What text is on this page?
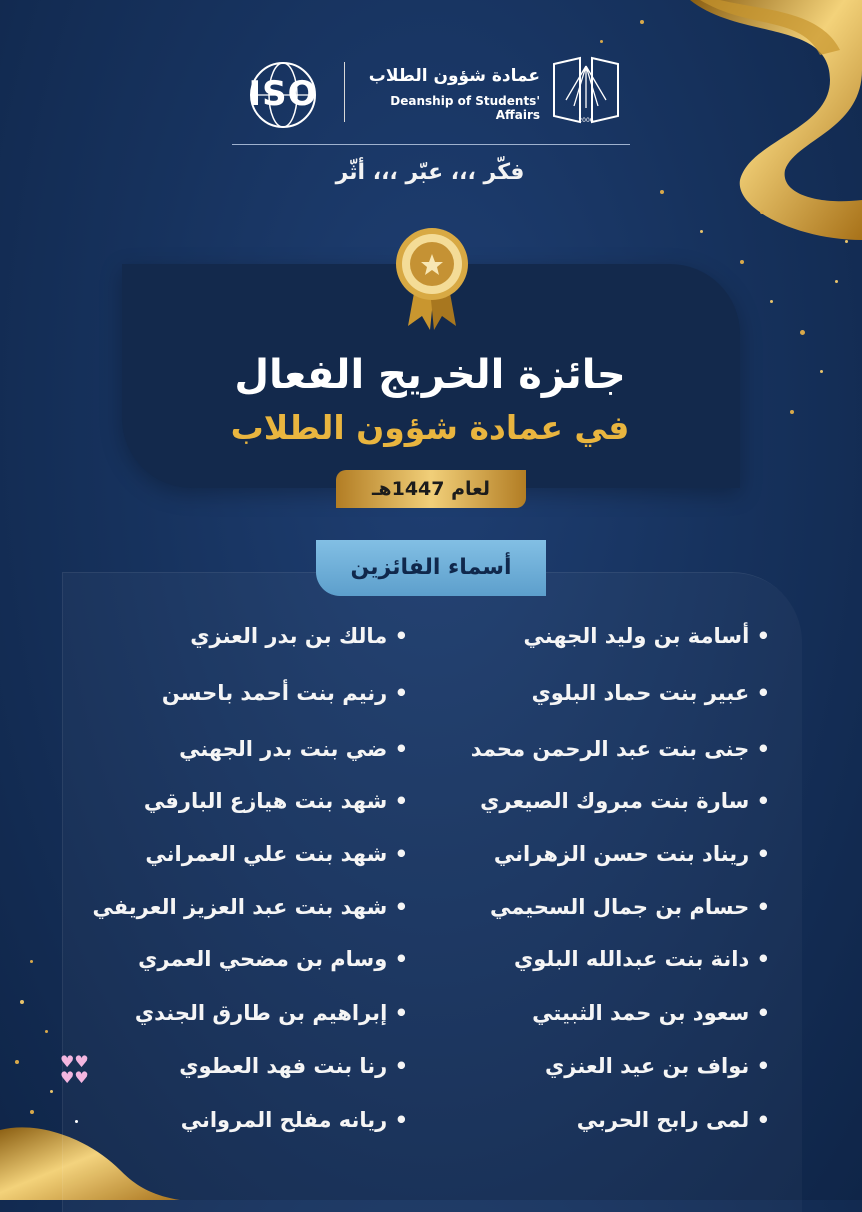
ISO	عمادة شؤون الطلاب
Deanship of Students' Affairs	2006
فكّر ،،، عبّر ،،، أثّر
جائزة الخريج الفعال
في عمادة شؤون الطلاب
لعام 1447هـ
أسماء الفائزين
• أسامة بن وليد الجهني
• عبير بنت حماد البلوي
• جنى بنت عبد الرحمن محمد
• سارة بنت مبروك الصيعري
• ريناد بنت حسن الزهراني
• حسام بن جمال السحيمي
• دانة بنت عبدالله البلوي
• سعود بن حمد الثبيتي
• نواف بن عيد العنزي
• لمى رابح الحربي
• مالك بن بدر العنزي
• رنيم بنت أحمد باحسن
• ضي بنت بدر الجهني
• شهد بنت هيازع البارقي
• شهد بنت علي العمراني
• شهد بنت عبد العزيز العريفي
• وسام بن مضحي العمري
• إبراهيم بن طارق الجندي
• رنا بنت فهد العطوي
• ريانه مفلح المرواني
♥♥
♥♥
